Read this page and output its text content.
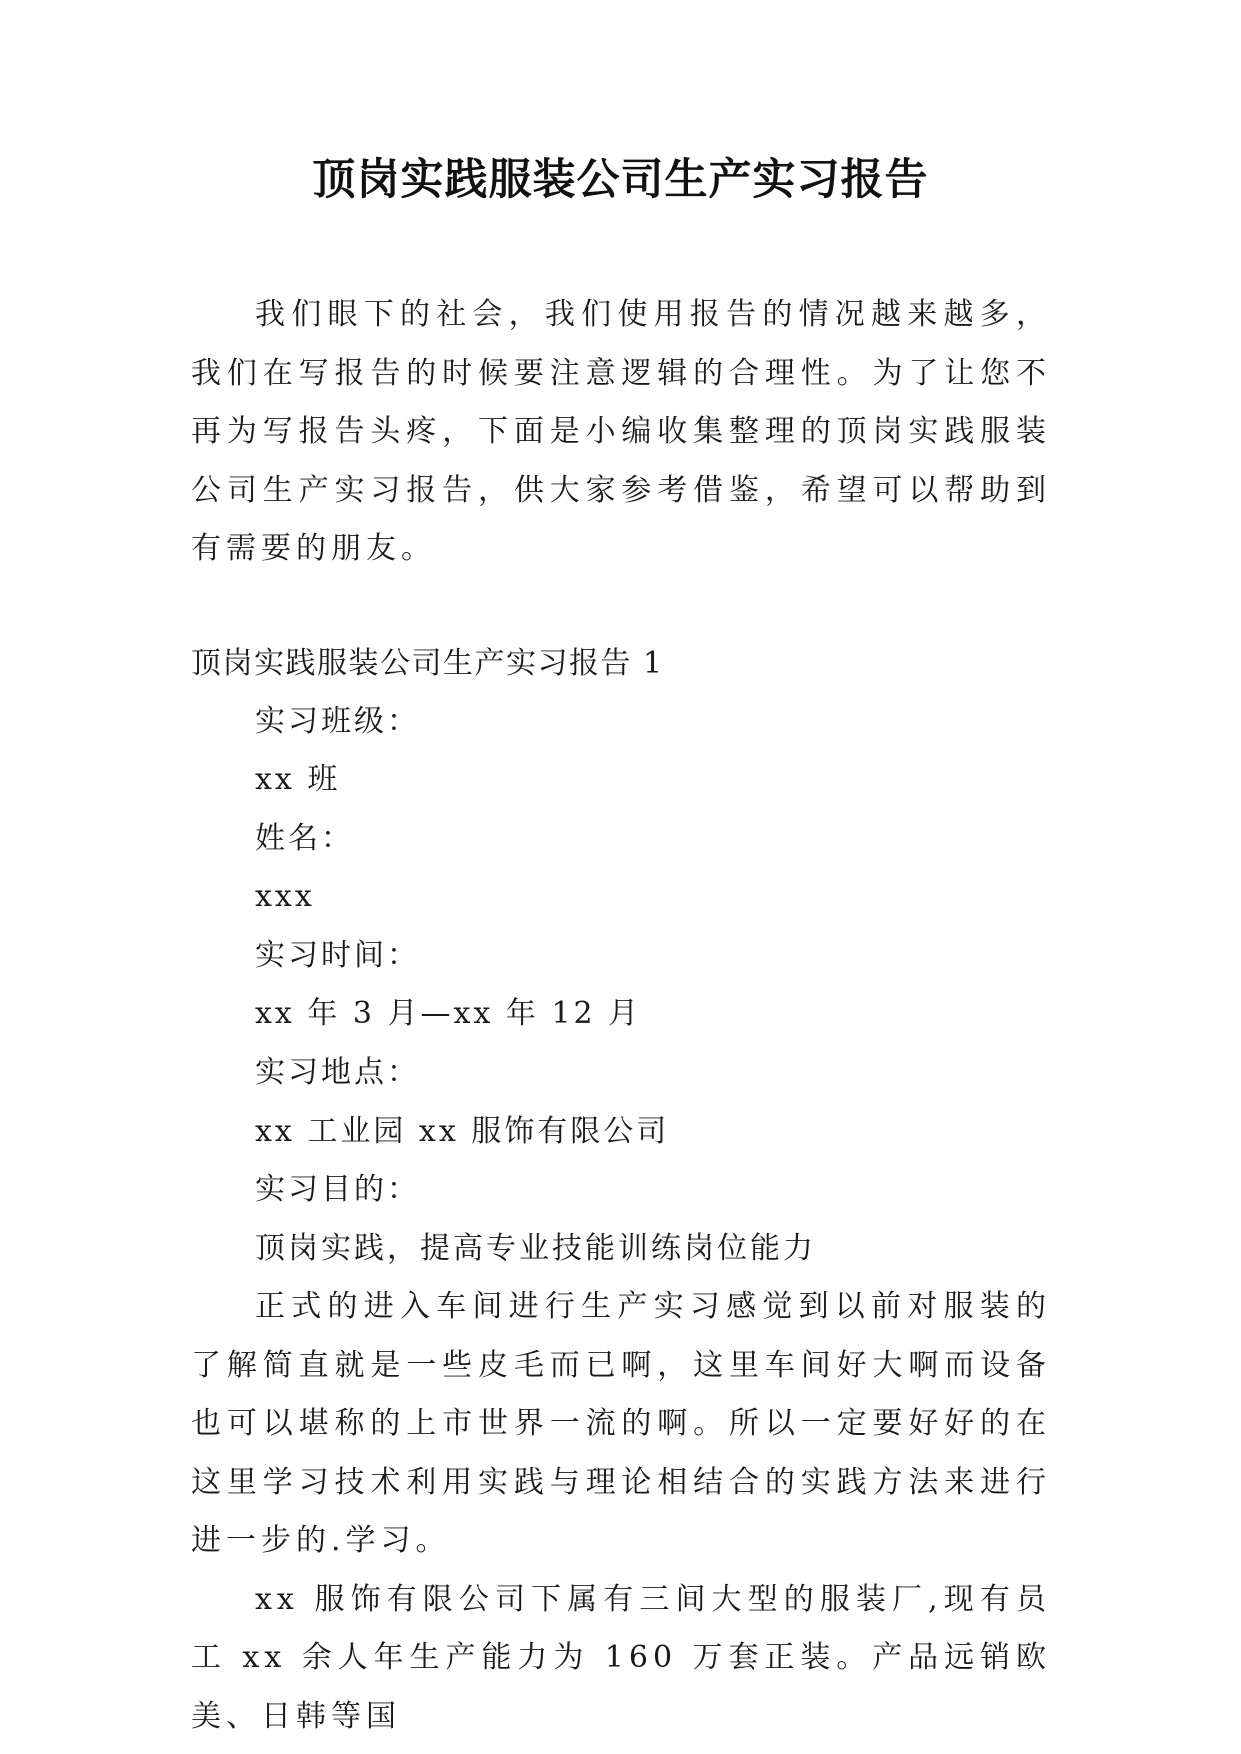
顶岗实践服装公司生产实习报告

我们眼下的社会，我们使用报告的情况越来越多，我们在写报告的时候要注意逻辑的合理性。为了让您不再为写报告头疼，下面是小编收集整理的顶岗实践服装公司生产实习报告，供大家参考借鉴，希望可以帮助到有需要的朋友。

顶岗实践服装公司生产实习报告 1

实习班级：

xx 班

姓名：

xxx

实习时间：

xx 年 3 月—xx 年 12 月

实习地点：

xx 工业园 xx 服饰有限公司

实习目的：

顶岗实践，提高专业技能训练岗位能力

正式的进入车间进行生产实习感觉到以前对服装的了解简直就是一些皮毛而已啊，这里车间好大啊而设备也可以堪称的上市世界一流的啊。所以一定要好好的在这里学习技术利用实践与理论相结合的实践方法来进行进一步的.学习。

xx 服饰有限公司下属有三间大型的服装厂,现有员工 xx 余人年生产能力为 160 万套正装。产品远销欧美、日韩等国
